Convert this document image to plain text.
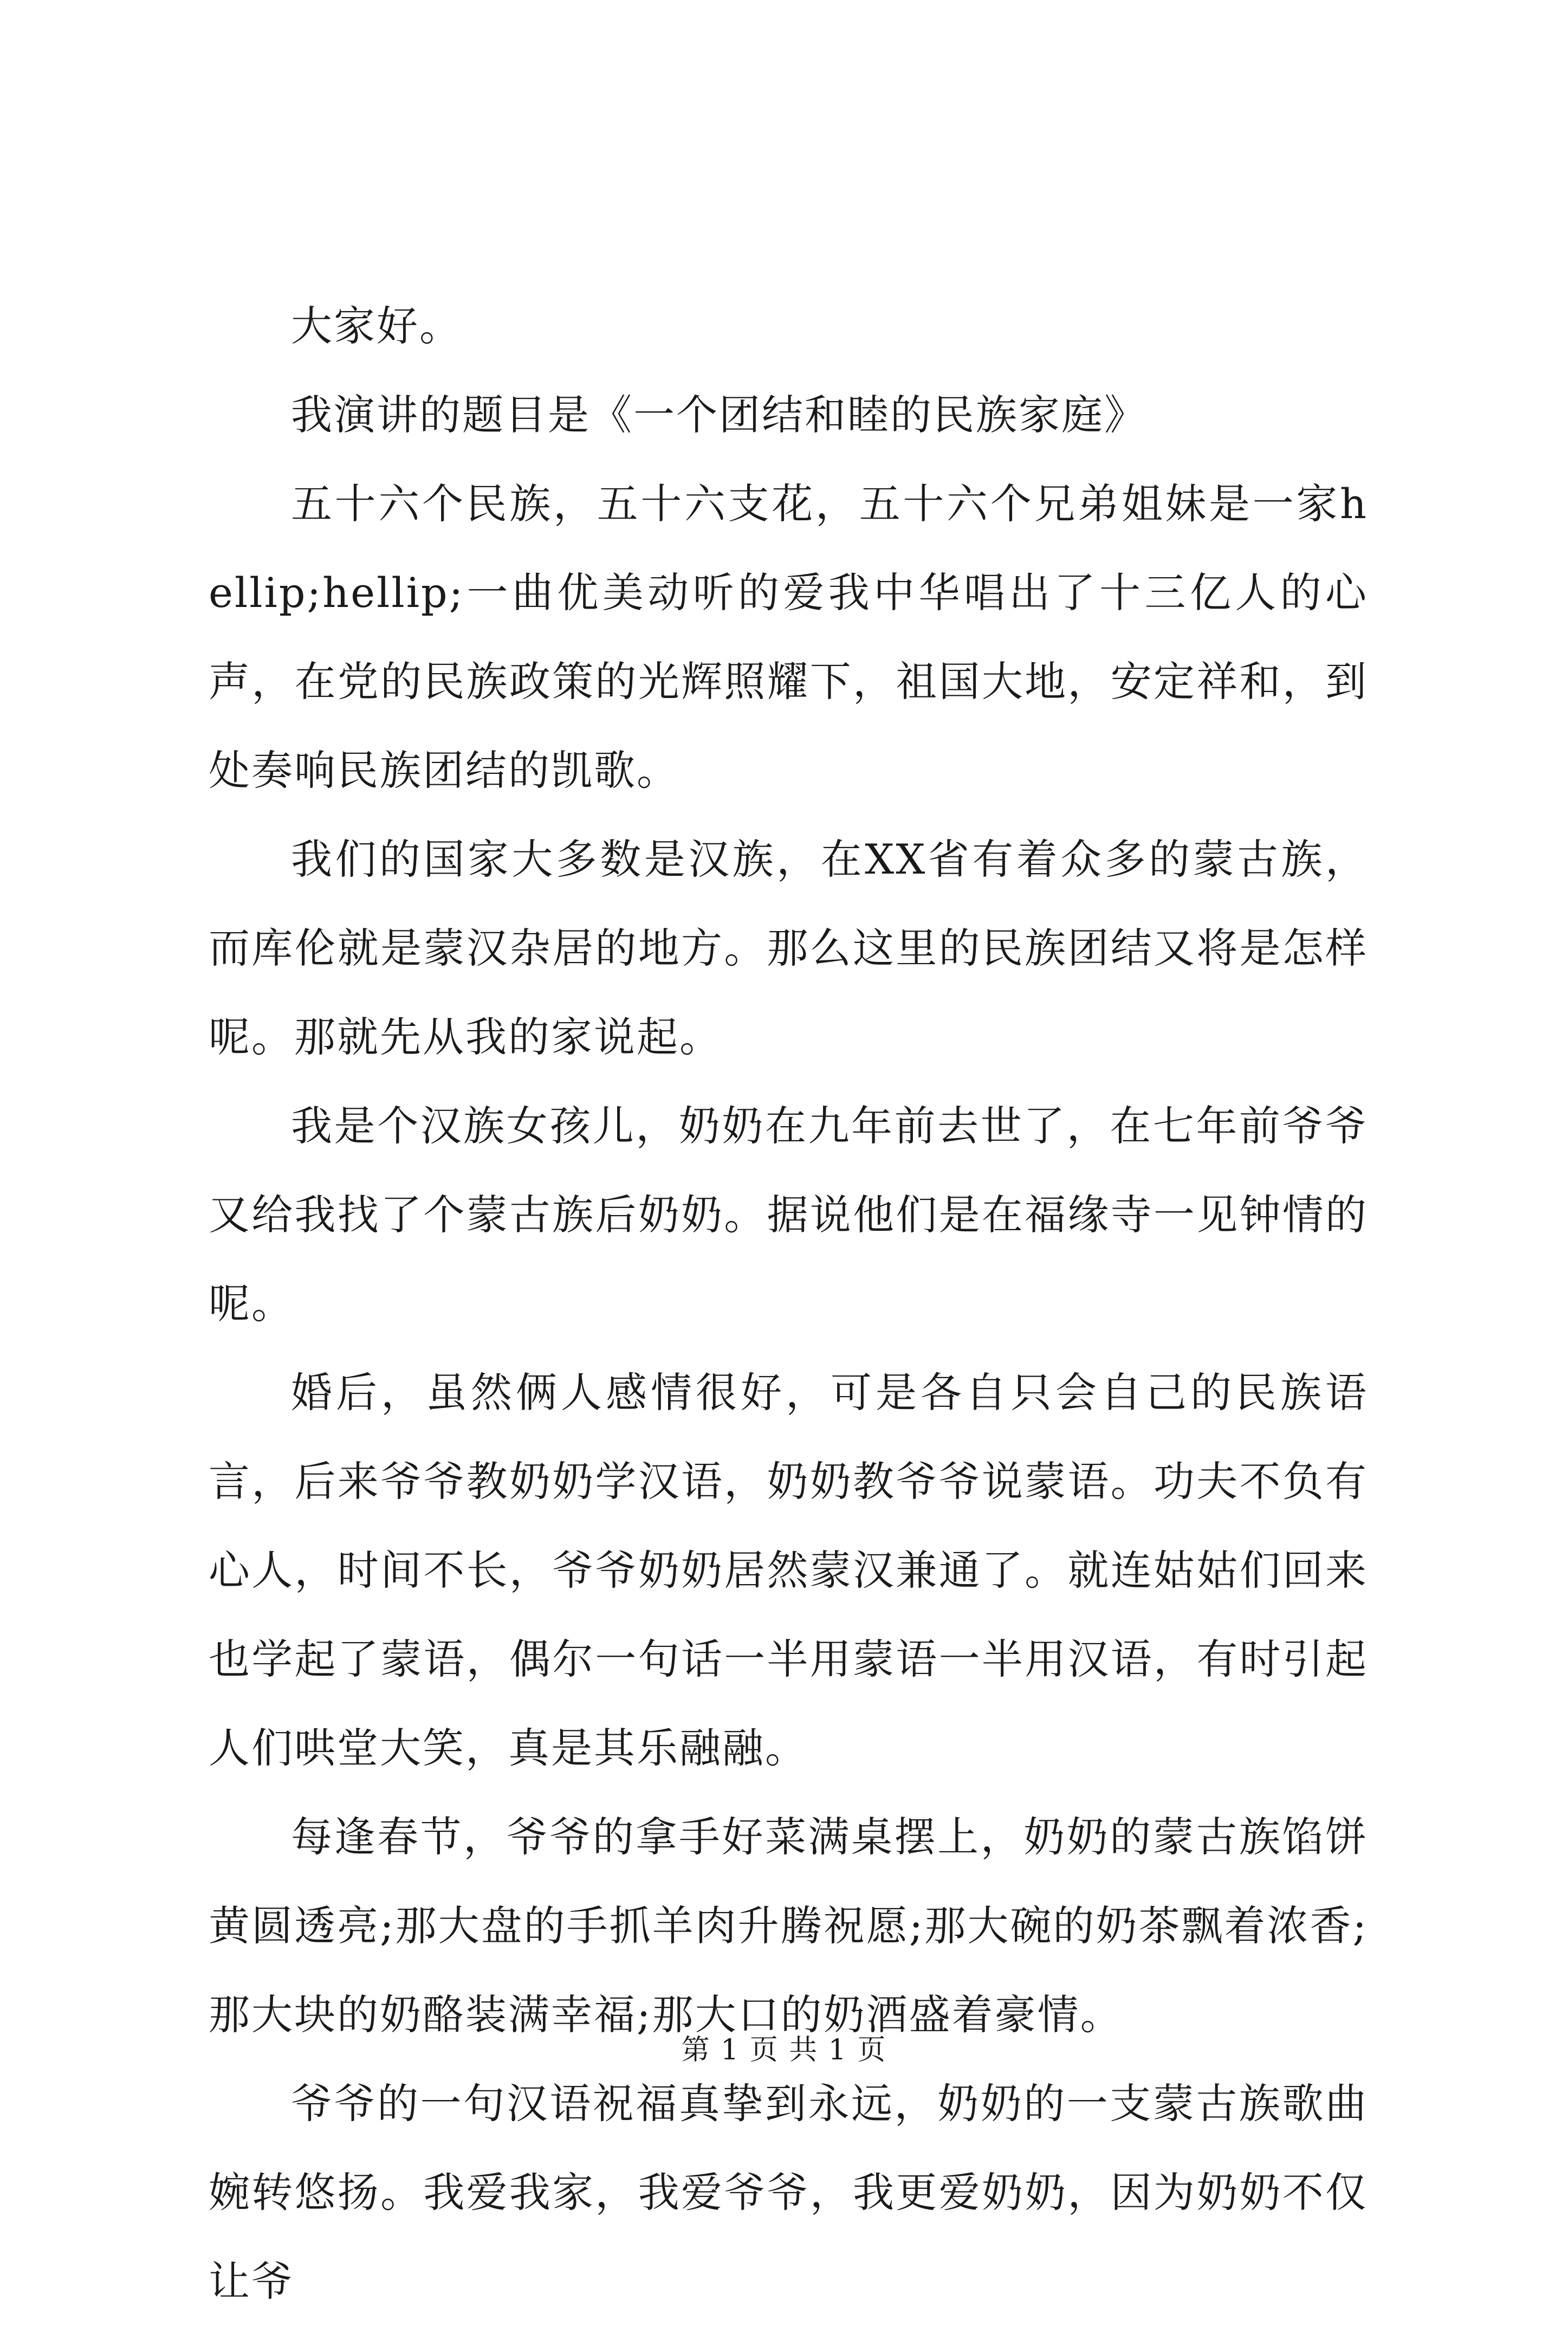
大家好。

我演讲的题目是《一个团结和睦的民族家庭》

五十六个民族，五十六支花，五十六个兄弟姐妹是一家hellip;hellip;一曲优美动听的爱我中华唱出了十三亿人的心声，在党的民族政策的光辉照耀下，祖国大地，安定祥和，到处奏响民族团结的凯歌。

我们的国家大多数是汉族，在XX省有着众多的蒙古族，而库伦就是蒙汉杂居的地方。那么这里的民族团结又将是怎样呢。那就先从我的家说起。

我是个汉族女孩儿，奶奶在九年前去世了，在七年前爷爷又给我找了个蒙古族后奶奶。据说他们是在福缘寺一见钟情的呢。

婚后，虽然俩人感情很好，可是各自只会自己的民族语言，后来爷爷教奶奶学汉语，奶奶教爷爷说蒙语。功夫不负有心人，时间不长，爷爷奶奶居然蒙汉兼通了。就连姑姑们回来也学起了蒙语，偶尔一句话一半用蒙语一半用汉语，有时引起人们哄堂大笑，真是其乐融融。

每逢春节，爷爷的拿手好菜满桌摆上，奶奶的蒙古族馅饼黄圆透亮;那大盘的手抓羊肉升腾祝愿;那大碗的奶茶飘着浓香;那大块的奶酪装满幸福;那大口的奶酒盛着豪情。

爷爷的一句汉语祝福真挚到永远，奶奶的一支蒙古族歌曲婉转悠扬。我爱我家，我爱爷爷，我更爱奶奶，因为奶奶不仅让爷

第 1 页 共 1 页
